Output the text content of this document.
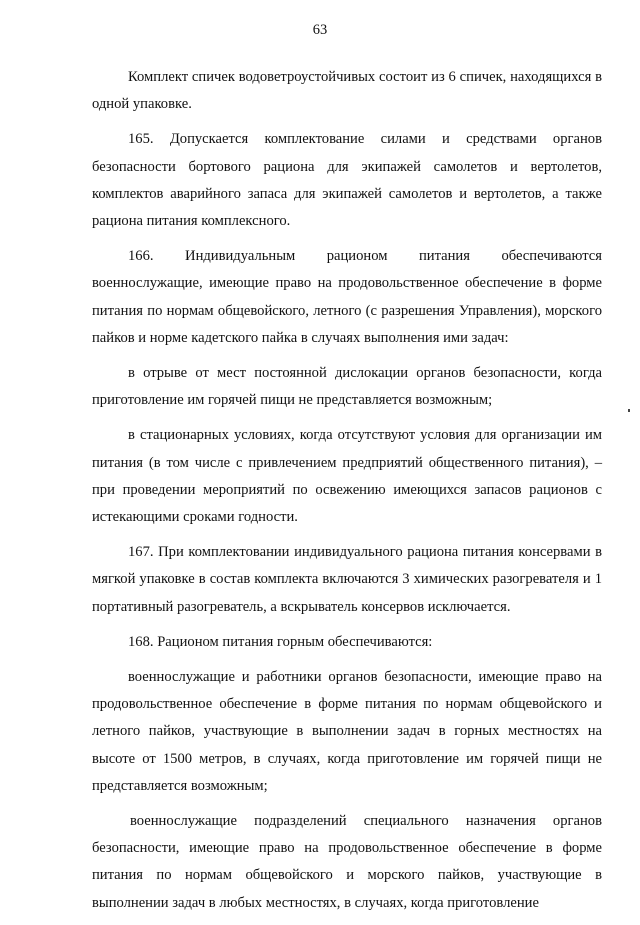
63

Комплект спичек водоветроустойчивых состоит из 6 спичек, находящихся в одной упаковке.

165. Допускается комплектование силами и средствами органов безопасности бортового рациона для экипажей самолетов и вертолетов, комплектов аварийного запаса для экипажей самолетов и вертолетов, а также рациона питания комплексного.

166. Индивидуальным рационом питания обеспечиваются военнослужащие, имеющие право на продовольственное обеспечение в форме питания по нормам общевойского, летного (с разрешения Управления), морского пайков и норме кадетского пайка в случаях выполнения ими задач:

в отрыве от мест постоянной дислокации органов безопасности, когда приготовление им горячей пищи не представляется возможным;

в стационарных условиях, когда отсутствуют условия для организации им питания (в том числе с привлечением предприятий общественного питания), – при проведении мероприятий по освежению имеющихся запасов рационов с истекающими сроками годности.

167. При комплектовании индивидуального рациона питания консервами в мягкой упаковке в состав комплекта включаются 3 химических разогревателя и 1 портативный разогреватель, а вскрыватель консервов исключается.

168. Рационом питания горным обеспечиваются:

военнослужащие и работники органов безопасности, имеющие право на продовольственное обеспечение в форме питания по нормам общевойского и летного пайков, участвующие в выполнении задач в горных местностях на высоте от 1500 метров, в случаях, когда приготовление им горячей пищи не представляется возможным;

военнослужащие подразделений специального назначения органов безопасности, имеющие право на продовольственное обеспечение в форме питания по нормам общевойского и морского пайков, участвующие в выполнении задач в любых местностях, в случаях, когда приготовление
